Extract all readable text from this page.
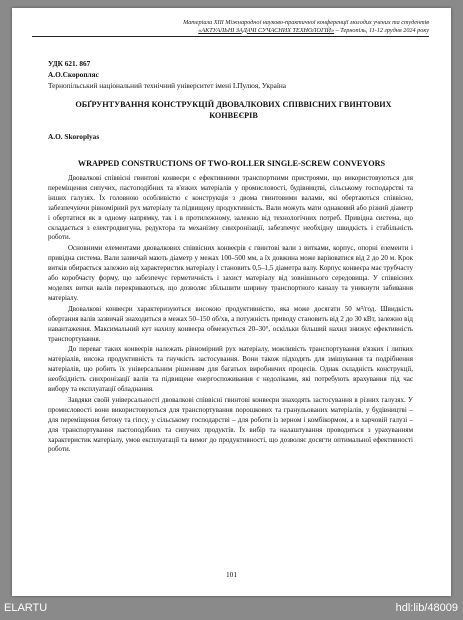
Матеріали XIII Міжнародної науково-практичної конференції молодих учених та студентів
«АКТУАЛЬНІ ЗАДАЧІ СУЧАСНИХ ТЕХНОЛОГІЙ» – Тернопіль, 11-12 грудня 2024 року
УДК 621. 867
А.О.Скоропляс
Тернопільський національний технічний університет імені І.Пулюя, Україна
ОБҐРУНТУВАННЯ КОНСТРУКЦІЙ ДВОВАЛКОВИХ СПІВВІСНИХ ГВИНТОВИХ КОНВЕЄРІВ
A.O. Skoroplyas
WRAPPED CONSTRUCTIONS OF TWO-ROLLER SINGLE-SCREW CONVEYORS

Двовалкові співвісні гвинтові конвеєри є ефективними транспортними пристроями, що використовуються для переміщення сипучих, пастоподібних та в'язких матеріалів у промисловості, будівництві, сільському господарстві та інших галузях. Їх головною особливістю є конструкція з двома гвинтовими валами, які обертаються співвісно, забезпечуючи рівномірний рух матеріалу та підвищену продуктивність. Вали можуть мати однаковий або різний діаметр і обертатися як в одному напрямку, так і в протилежному, залежно від технологічних потреб. Привідна система, що складається з електродвигуна, редуктора та механізму синхронізації, забезпечує необхідну швидкість і стабільність роботи.

Основними елементами двовалкових співвісних конвеєрів є гвинтові вали з витками, корпус, опорні елементи і привідна система. Вали зазвичай мають діаметр у межах 100–500 мм, а їх довжина може варіюватися від 2 до 20 м. Крок витків обирається залежно від характеристик матеріалу і становить 0,5–1,5 діаметра валу. Корпус конвеєра має трубчасту або коробчасту форму, що забезпечує герметичність і захист матеріалу від зовнішнього середовища. У співвісних моделях витки валів перекриваються, що дозволяє збільшити ширину транспортного каналу та уникнути забивання матеріалу.

Двовалкові конвеєри характеризуються високою продуктивністю, яка може досягати 50 м³/год. Швидкість обертання валів зазвичай знаходиться в межах 50–150 об/хв, а потужність приводу становить від 2 до 30 кВт, залежно від навантаження. Максимальний кут нахилу конвеєра обмежується 20–30°, оскільки більший нахил знижує ефективність транспортування.

До переваг таких конвеєрів належать рівномірний рух матеріалу, можливість транспортування в'язких і липких матеріалів, висока продуктивність та гнучкість застосування. Вони також підходять для змішування та подрібнення матеріалів, що робить їх універсальним рішенням для багатьох виробничих процесів. Однак складність конструкції, необхідність синхронізації валів та підвищене енергоспоживання є недоліками, які потребують врахування під час вибору та експлуатації обладнання.

Завдяки своїй універсальності двовалкові співвісні гвинтові конвеєри знаходять застосування в різних галузях. У промисловості вони використовуються для транспортування порошкових та гранульованих матеріалів, у будівництві – для переміщення бетону та гіпсу, у сільському господарстві – для роботи із зерном і комбікормом, а в харчовій галузі – для транспортування пастоподібних та сипучих продуктів. Їх вибір та налаштування проводиться з урахуванням характеристик матеріалу, умов експлуатації та вимог до продуктивності, що дозволяє досягти оптимальної ефективності роботи.

101
ELARTU	hdl:lib/48009
